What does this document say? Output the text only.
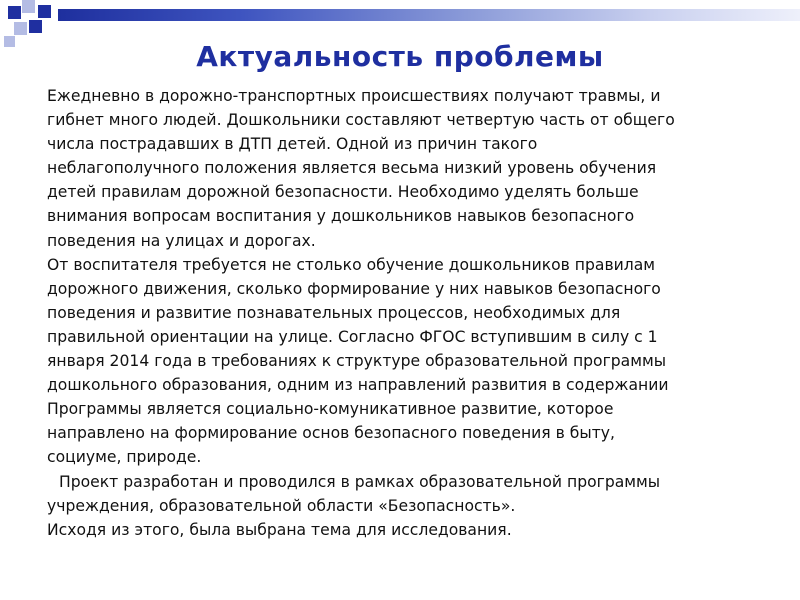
Актуальность проблемы

Ежедневно в дорожно-транспортных происшествиях получают травмы, и
гибнет много людей. Дошкольники составляют четвертую часть от общего
числа пострадавших в ДТП детей. Одной из причин такого
неблагополучного положения является весьма низкий уровень обучения
детей правилам дорожной безопасности. Необходимо уделять больше
внимания вопросам воспитания у дошкольников навыков безопасного
поведения на улицах и дорогах.

От воспитателя требуется не столько обучение дошкольников правилам
дорожного движения, сколько формирование у них навыков безопасного
поведения и развитие познавательных процессов, необходимых для
правильной ориентации на улице. Согласно ФГОС вступившим в силу с 1
января 2014 года в требованиях к структуре образовательной программы
дошкольного образования, одним из направлений развития в содержании
Программы является социально-комуникативное развитие, которое
направлено на формирование основ безопасного поведения в быту,
социуме, природе.

Проект разработан и проводился в рамках образовательной программы
учреждения, образовательной области «Безопасность».

Исходя из этого, была выбрана тема для исследования.
